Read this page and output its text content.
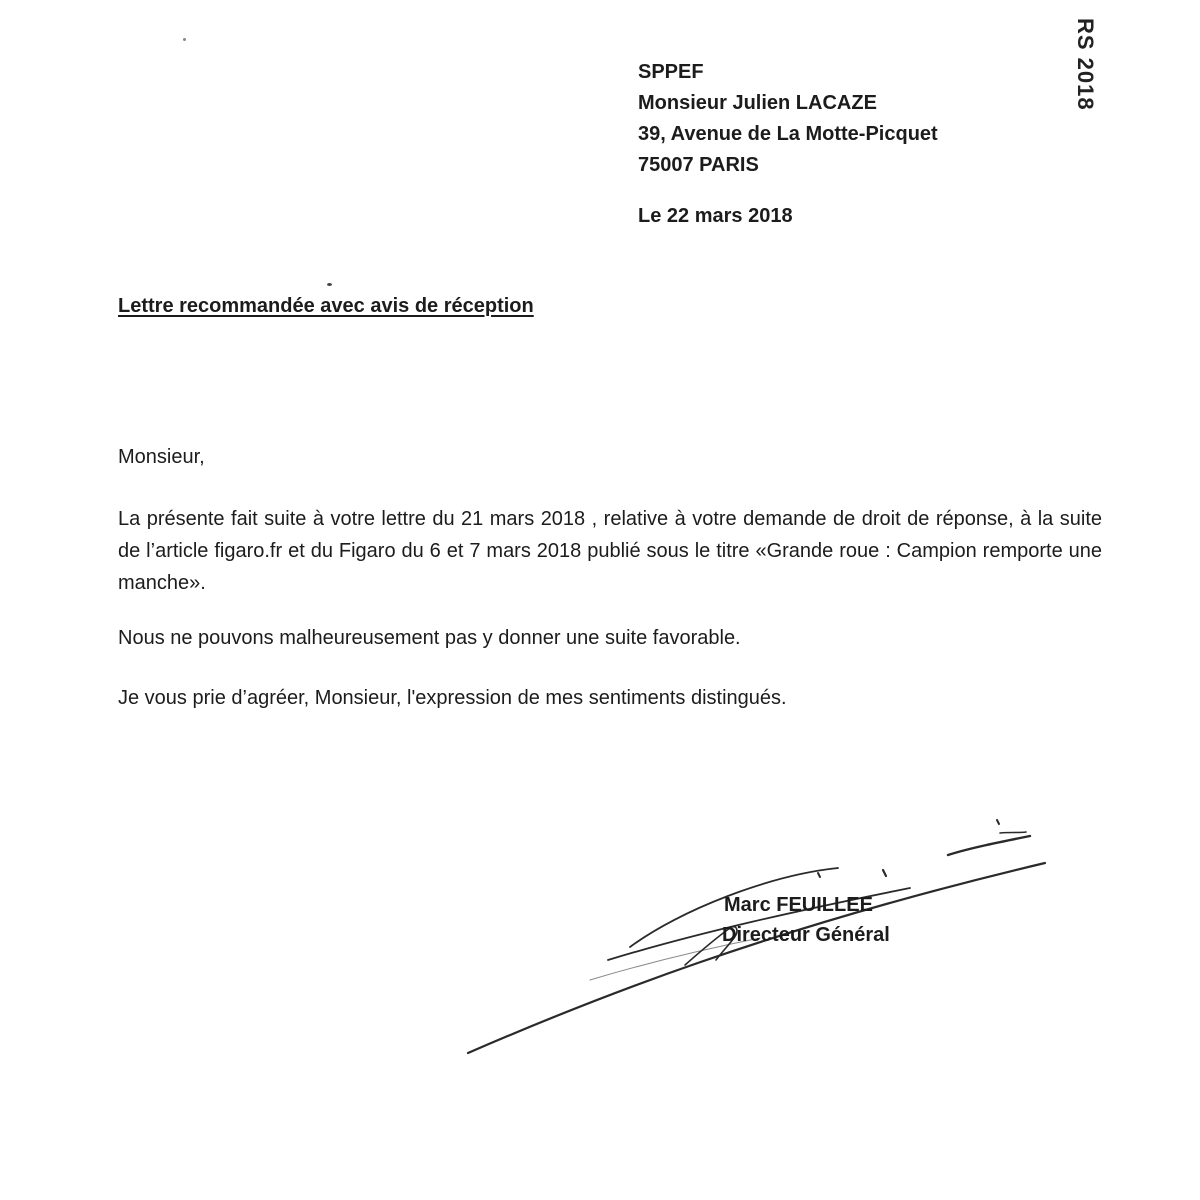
RS 2018
SPPEF
Monsieur Julien LACAZE
39, Avenue de La Motte-Picquet
75007 PARIS
Le 22 mars 2018
Lettre recommandée avec avis de réception
Monsieur,
La présente fait suite à votre lettre du 21 mars 2018 , relative à votre demande de droit de réponse, à la suite de l’article figaro.fr et du Figaro du 6 et 7 mars 2018 publié sous le titre «Grande roue : Campion remporte une manche».
Nous ne pouvons malheureusement pas y donner une suite favorable.
Je vous prie d’agréer, Monsieur, l'expression de mes sentiments distingués.
Marc FEUILLEE
Directeur Général
